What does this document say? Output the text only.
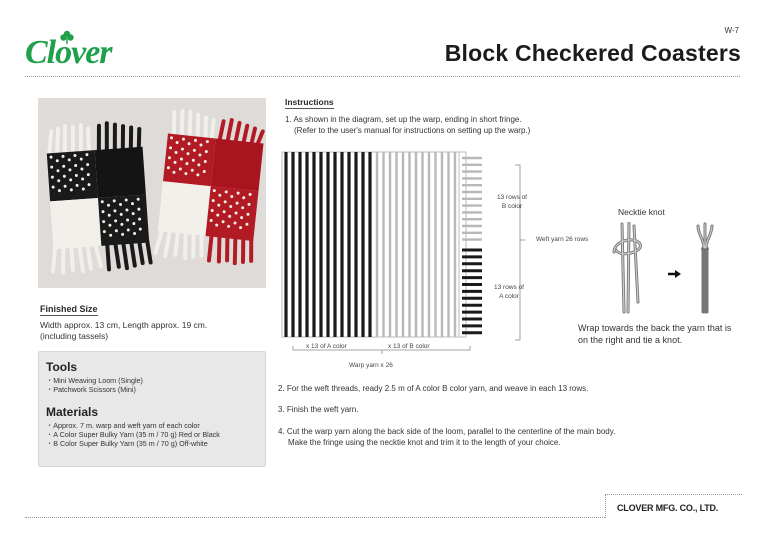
Clover
W-7
Block Checkered Coasters
Finished Size
Width approx. 13 cm, Length approx. 19 cm.
(including tassels)
Tools
・Mini Weaving Loom (Single)
・Patchwork Scissors (Mini)
Materials
・Approx. 7 m. warp and weft yarn of each color
・A Color Super Bulky Yarn (35 m / 70 g) Red or Black
・B Color Super Bulky Yarn (35 m / 70 g) Off-white
Instructions
1. As shown in the diagram, set up the warp, ending in short fringe.
(Refer to the user's manual for instructions on setting up the warp.)
13 rows of
B color
13 rows of
A color
Weft yarn 26 rows
x 13 of A color	x 13 of B color
Warp yarn x 26
Necktie knot
Wrap towards the back the yarn that is
on the right and tie a knot.
2. For the weft threads, ready 2.5 m of A color B color yarn, and weave in each 13 rows.
3. Finish the weft yarn.
4. Cut the warp yarn along the back side of the loom, parallel to the centerline of the main body.
Make the fringe using the necktie knot and trim it to the length of your choice.
CLOVER MFG. CO., LTD.
